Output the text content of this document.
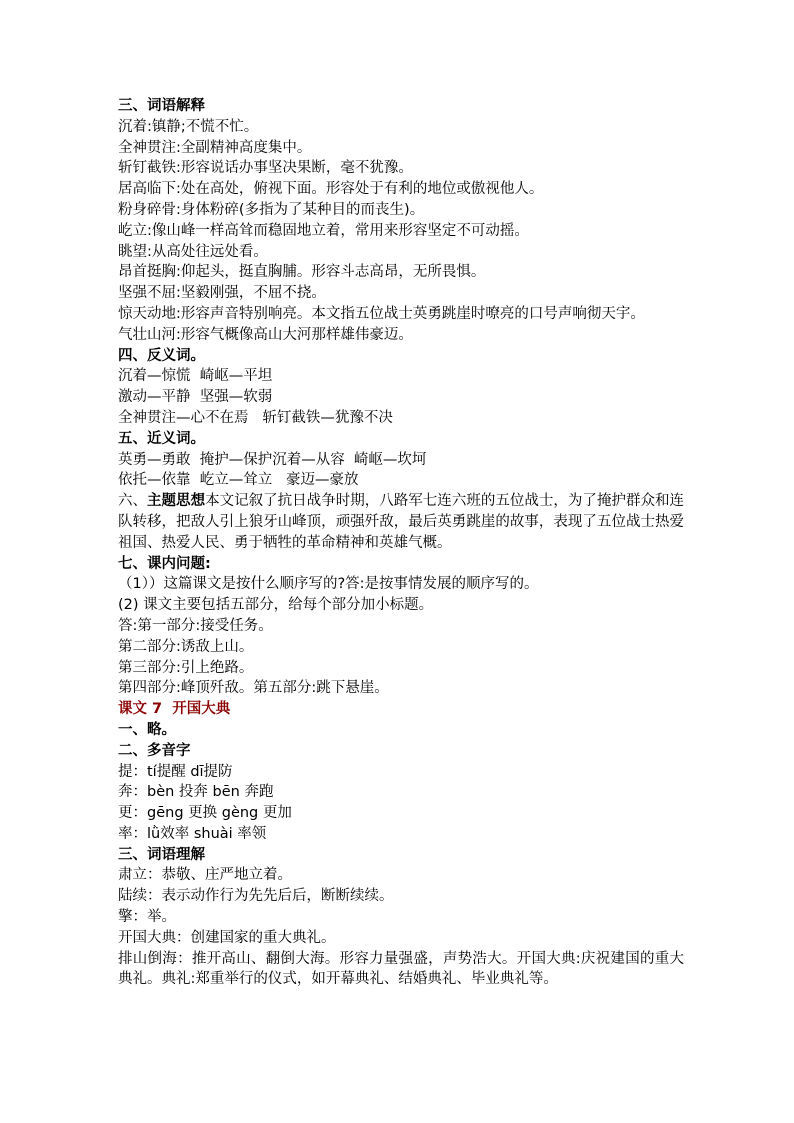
三、词语解释
沉着:镇静;不慌不忙。
全神贯注:全副精神高度集中。
斩钉截铁:形容说话办事坚决果断，毫不犹豫。
居高临下:处在高处，俯视下面。形容处于有利的地位或傲视他人。
粉身碎骨:身体粉碎(多指为了某种目的而丧生)。
屹立:像山峰一样高耸而稳固地立着，常用来形容坚定不可动摇。
眺望:从高处往远处看。
昂首挺胸:仰起头，挺直胸脯。形容斗志高昂，无所畏惧。
坚强不屈:坚毅刚强，不屈不挠。
惊天动地:形容声音特别响亮。本文指五位战士英勇跳崖时嘹亮的口号声响彻天宇。
气壮山河:形容气概像高山大河那样雄伟豪迈。
四、反义词。
沉着—惊慌  崎岖—平坦
激动—平静  坚强—软弱
全神贯注—心不在焉   斩钉截铁—犹豫不决
五、近义词。
英勇—勇敢  掩护—保护沉着—从容  崎岖—坎坷
依托—依靠  屹立—耸立   豪迈—豪放
六、主题思想本文记叙了抗日战争时期，八路军七连六班的五位战士，为了掩护群众和连队转移，把敌人引上狼牙山峰顶，顽强歼敌，最后英勇跳崖的故事，表现了五位战士热爱祖国、热爱人民、勇于牺牲的革命精神和英雄气概。
七、课内问题:
（1））这篇课文是按什么顺序写的?答:是按事情发展的顺序写的。
(2) 课文主要包括五部分，给每个部分加小标题。
答:第一部分:接受任务。
第二部分:诱敌上山。
第三部分:引上绝路。
第四部分:峰顶歼敌。第五部分:跳下悬崖。
课文 7  开国大典
一、略。
二、多音字
提：tí提醒 dī提防
奔：bèn 投奔 bēn 奔跑
更：gēng 更换 gèng 更加
率：lǜ效率 shuài 率领
三、词语理解
肃立：恭敬、庄严地立着。
陆续：表示动作行为先先后后，断断续续。
擎：举。
开国大典：创建国家的重大典礼。
排山倒海：推开高山、翻倒大海。形容力量强盛，声势浩大。开国大典:庆祝建国的重大典礼。典礼:郑重举行的仪式，如开幕典礼、结婚典礼、毕业典礼等。
